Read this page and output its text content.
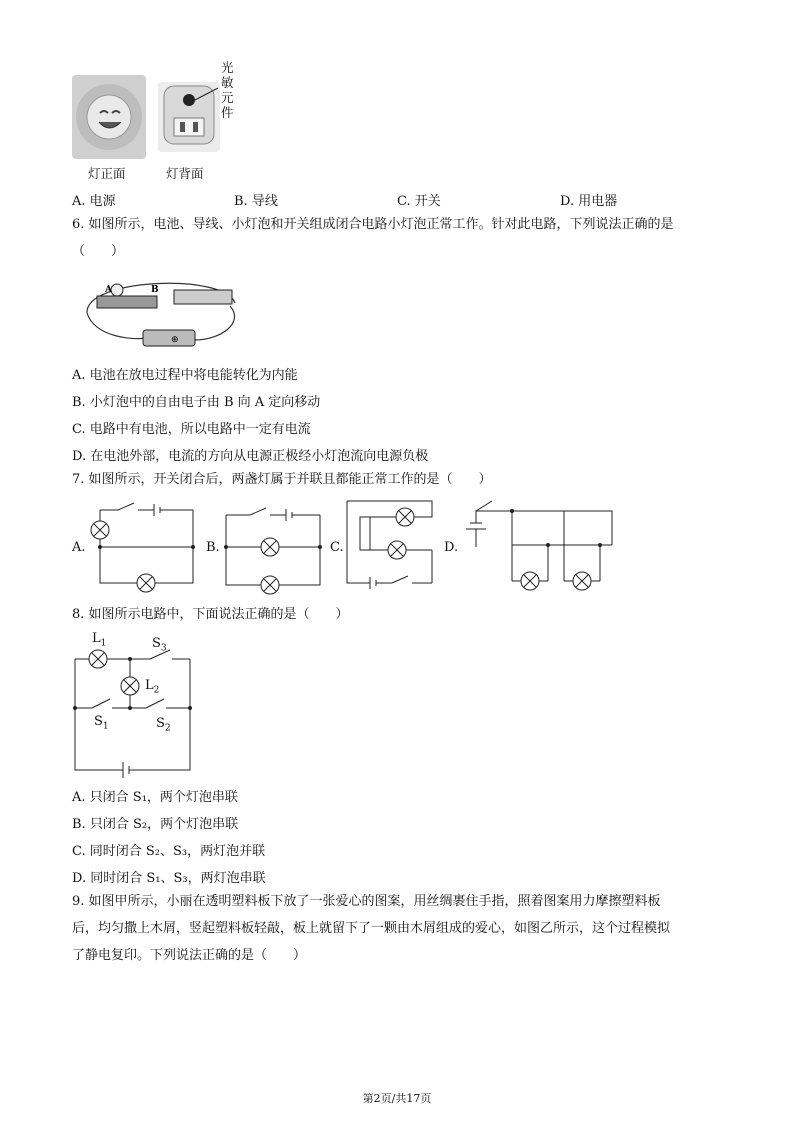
光
敏
元
件
灯正面	灯背面
A. 电源	B. 导线	C. 开关	D. 用电器
6. 如图所示，电池、导线、小灯泡和开关组成闭合电路小灯泡正常工作。针对此电路，下列说法正确的是
（　　）
⊕
A	B
A. 电池在放电过程中将电能转化为内能
B. 小灯泡中的自由电子由 B 向 A 定向移动
C. 电路中有电池，所以电路中一定有电流
D. 在电池外部，电流的方向从电源正极经小灯泡流向电源负极
7. 如图所示，开关闭合后，两盏灯属于并联且都能正常工作的是（　　）
A.	B.	C.	D.
8. 如图所示电路中，下面说法正确的是（　　）
$L_1$	$S_3$
$L_2$
$S_1$	$S_2$
A. 只闭合 S₁，两个灯泡串联
B. 只闭合 S₂，两个灯泡串联
C. 同时闭合 S₂、S₃，两灯泡并联
D. 同时闭合 S₁、S₃，两灯泡串联
9. 如图甲所示，小丽在透明塑料板下放了一张爱心的图案，用丝绸裹住手指，照着图案用力摩擦塑料板
后，均匀撒上木屑，竖起塑料板轻敲，板上就留下了一颗由木屑组成的爱心，如图乙所示，这个过程模拟
了静电复印。下列说法正确的是（　　）
第2页/共17页
